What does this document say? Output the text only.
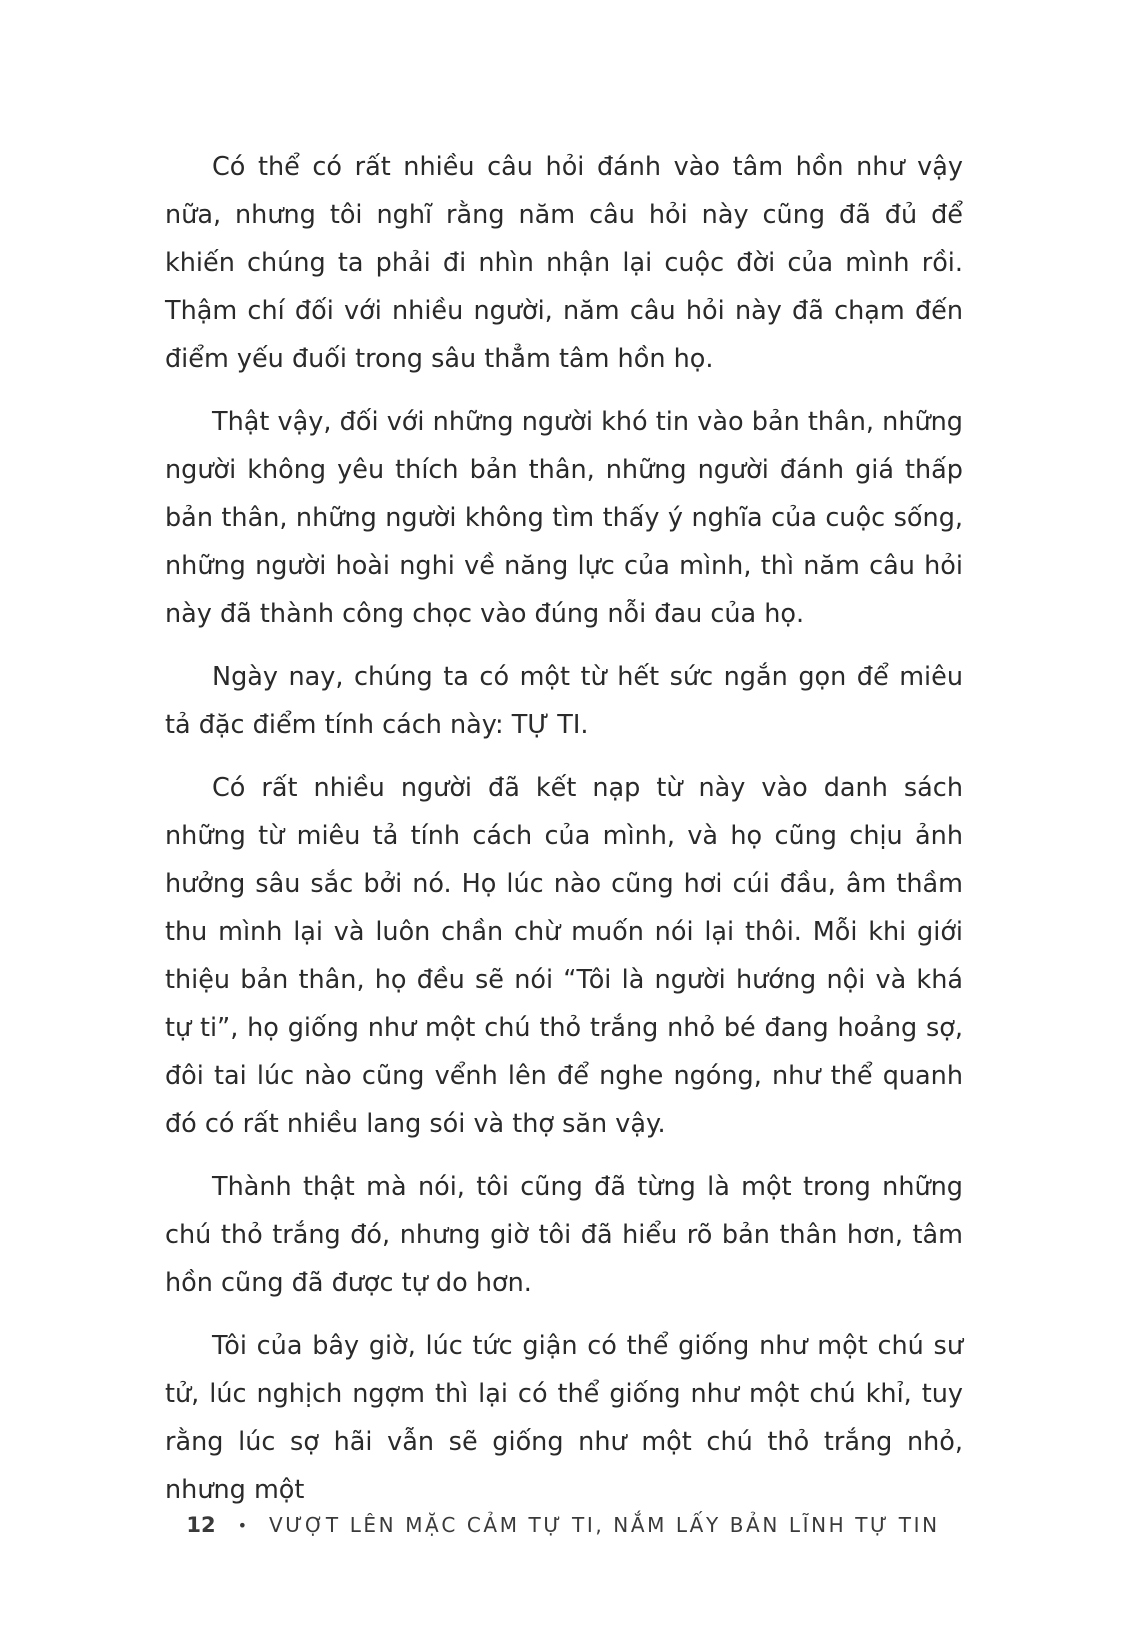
Có thể có rất nhiều câu hỏi đánh vào tâm hồn như vậy nữa, nhưng tôi nghĩ rằng năm câu hỏi này cũng đã đủ để khiến chúng ta phải đi nhìn nhận lại cuộc đời của mình rồi. Thậm chí đối với nhiều người, năm câu hỏi này đã chạm đến điểm yếu đuối trong sâu thẳm tâm hồn họ.

Thật vậy, đối với những người khó tin vào bản thân, những người không yêu thích bản thân, những người đánh giá thấp bản thân, những người không tìm thấy ý nghĩa của cuộc sống, những người hoài nghi về năng lực của mình, thì năm câu hỏi này đã thành công chọc vào đúng nỗi đau của họ.

Ngày nay, chúng ta có một từ hết sức ngắn gọn để miêu tả đặc điểm tính cách này: TỰ TI.

Có rất nhiều người đã kết nạp từ này vào danh sách những từ miêu tả tính cách của mình, và họ cũng chịu ảnh hưởng sâu sắc bởi nó. Họ lúc nào cũng hơi cúi đầu, âm thầm thu mình lại và luôn chần chừ muốn nói lại thôi. Mỗi khi giới thiệu bản thân, họ đều sẽ nói “Tôi là người hướng nội và khá tự ti”, họ giống như một chú thỏ trắng nhỏ bé đang hoảng sợ, đôi tai lúc nào cũng vểnh lên để nghe ngóng, như thể quanh đó có rất nhiều lang sói và thợ săn vậy.

Thành thật mà nói, tôi cũng đã từng là một trong những chú thỏ trắng đó, nhưng giờ tôi đã hiểu rõ bản thân hơn, tâm hồn cũng đã được tự do hơn.

Tôi của bây giờ, lúc tức giận có thể giống như một chú sư tử, lúc nghịch ngợm thì lại có thể giống như một chú khỉ, tuy rằng lúc sợ hãi vẫn sẽ giống như một chú thỏ trắng nhỏ, nhưng một

12 • VƯỢT LÊN MẶC CẢM TỰ TI, NẮM LẤY BẢN LĨNH TỰ TIN
